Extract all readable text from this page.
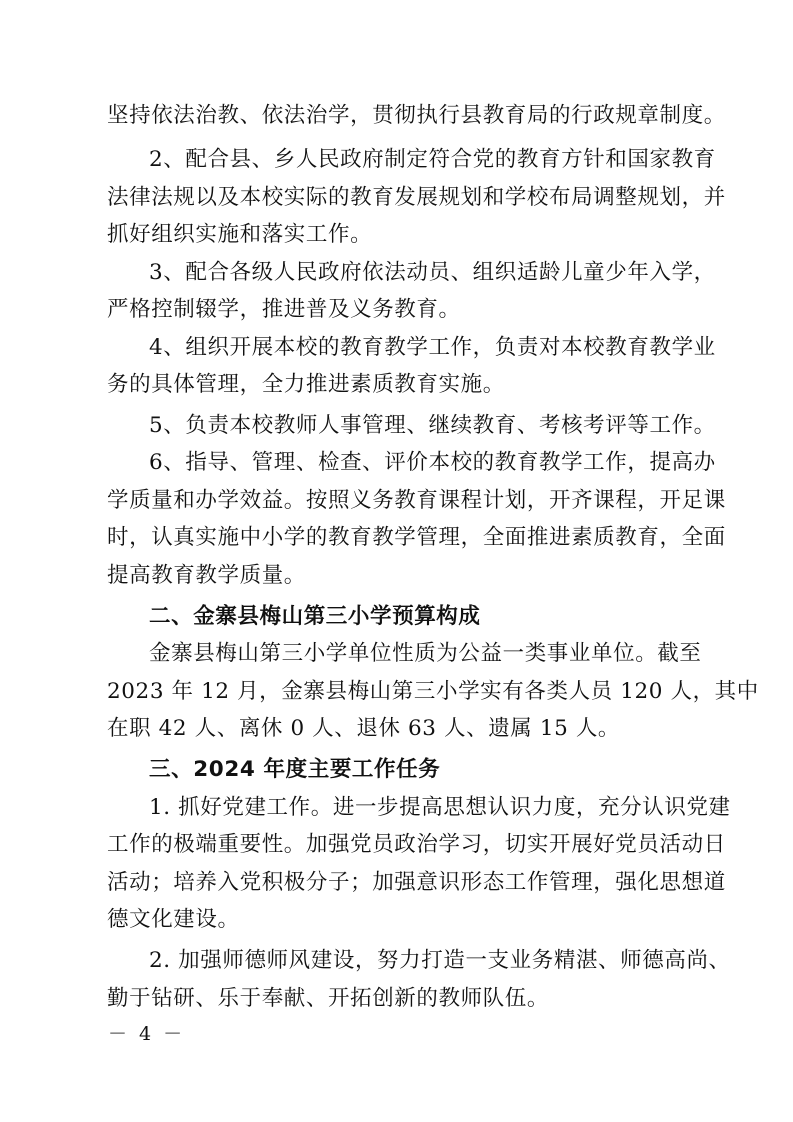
坚持依法治教、依法治学，贯彻执行县教育局的行政规章制度。
2、配合县、乡人民政府制定符合党的教育方针和国家教育
法律法规以及本校实际的教育发展规划和学校布局调整规划，并
抓好组织实施和落实工作。
3、配合各级人民政府依法动员、组织适龄儿童少年入学，
严格控制辍学，推进普及义务教育。
4、组织开展本校的教育教学工作，负责对本校教育教学业
务的具体管理，全力推进素质教育实施。
5、负责本校教师人事管理、继续教育、考核考评等工作。
6、指导、管理、检查、评价本校的教育教学工作，提高办
学质量和办学效益。按照义务教育课程计划，开齐课程，开足课
时，认真实施中小学的教育教学管理，全面推进素质教育，全面
提高教育教学质量。
二、金寨县梅山第三小学预算构成
金寨县梅山第三小学单位性质为公益一类事业单位。截至
2023 年 12 月，金寨县梅山第三小学实有各类人员 120 人，其中
在职 42 人、离休 0 人、退休 63 人、遗属 15 人。
三、2024 年度主要工作任务
1. 抓好党建工作。进一步提高思想认识力度，充分认识党建
工作的极端重要性。加强党员政治学习，切实开展好党员活动日
活动；培养入党积极分子；加强意识形态工作管理，强化思想道
德文化建设。
2. 加强师德师风建设，努力打造一支业务精湛、师德高尚、
勤于钻研、乐于奉献、开拓创新的教师队伍。
－ 4 －
